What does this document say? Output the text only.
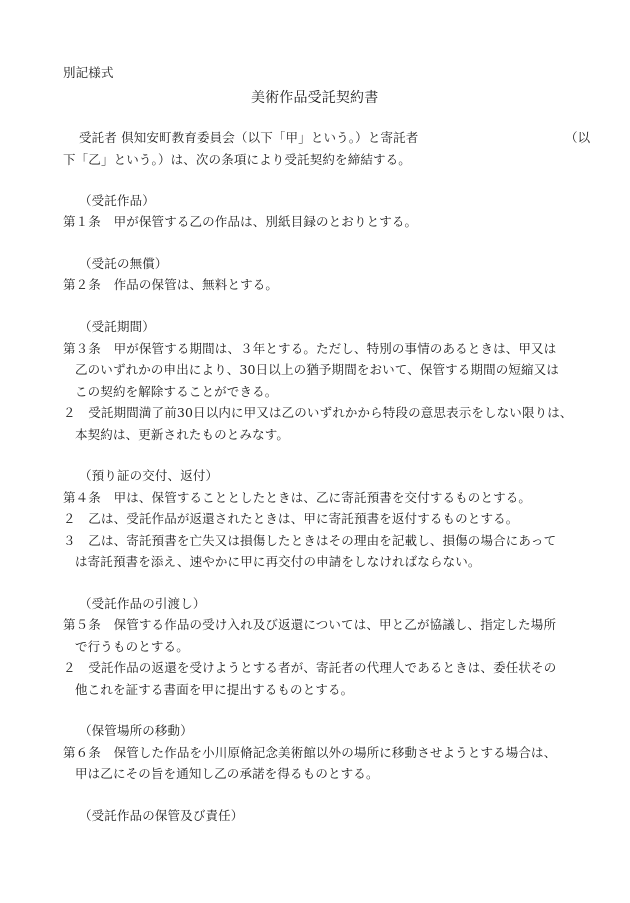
別記様式
美術作品受託契約書
受託者 倶知安町教育委員会（以下「甲」という。）と寄託者	（以
下「乙」という。）は、次の条項により受託契約を締結する。
（受託作品）
第１条　甲が保管する乙の作品は、別紙目録のとおりとする。
（受託の無償）
第２条　作品の保管は、無料とする。
（受託期間）
第３条　甲が保管する期間は、３年とする。ただし、特別の事情のあるときは、甲又は
乙のいずれかの申出により、30日以上の猶予期間をおいて、保管する期間の短縮又は
この契約を解除することができる。
２　受託期間満了前30日以内に甲又は乙のいずれかから特段の意思表示をしない限りは、
本契約は、更新されたものとみなす。
（預り証の交付、返付）
第４条　甲は、保管することとしたときは、乙に寄託預書を交付するものとする。
２　乙は、受託作品が返還されたときは、甲に寄託預書を返付するものとする。
３　乙は、寄託預書を亡失又は損傷したときはその理由を記載し、損傷の場合にあって
は寄託預書を添え、速やかに甲に再交付の申請をしなければならない。
（受託作品の引渡し）
第５条　保管する作品の受け入れ及び返還については、甲と乙が協議し、指定した場所
で行うものとする。
２　受託作品の返還を受けようとする者が、寄託者の代理人であるときは、委任状その
他これを証する書面を甲に提出するものとする。
（保管場所の移動）
第６条　保管した作品を小川原脩記念美術館以外の場所に移動させようとする場合は、
甲は乙にその旨を通知し乙の承諾を得るものとする。
（受託作品の保管及び責任）
